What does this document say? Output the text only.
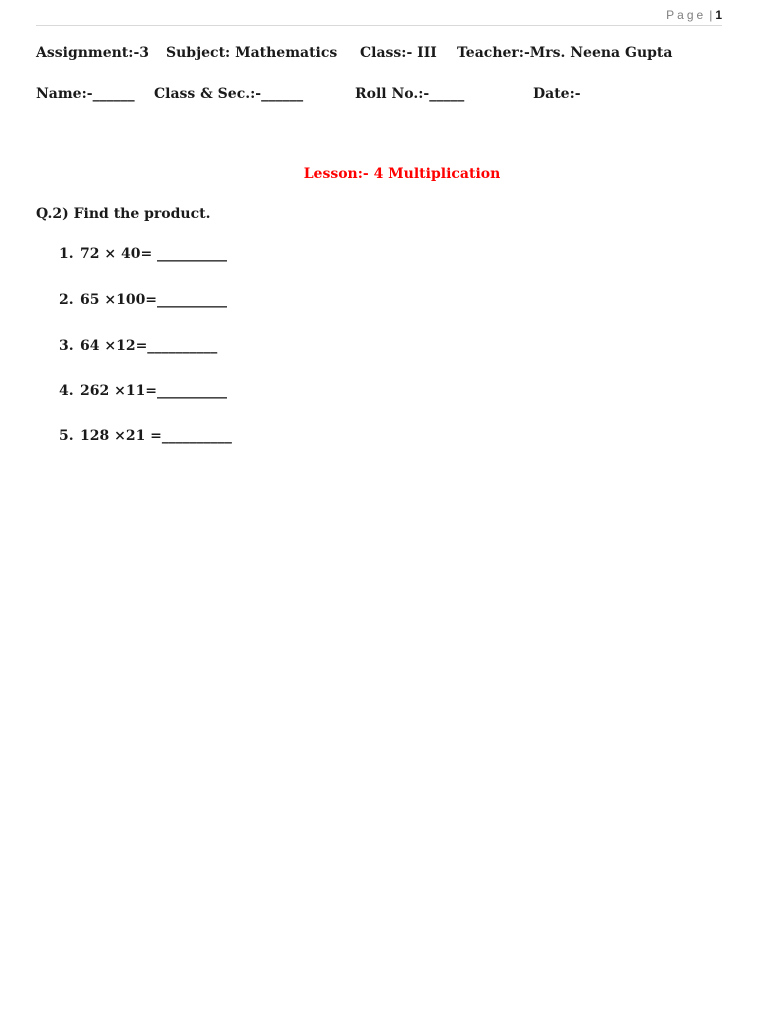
Page | 1
Assignment:-3 Subject: Mathematics Class:- III Teacher:-Mrs. Neena Gupta
Name:-______ Class & Sec.:-______	Roll No.:-_____	Date:-
Lesson:- 4 Multiplication
Q.2) Find the product.
1. 72 × 40= __________
2. 65 ×100=__________
3. 64 ×12=__________
4. 262 ×11=__________
5. 128 ×21 =__________
